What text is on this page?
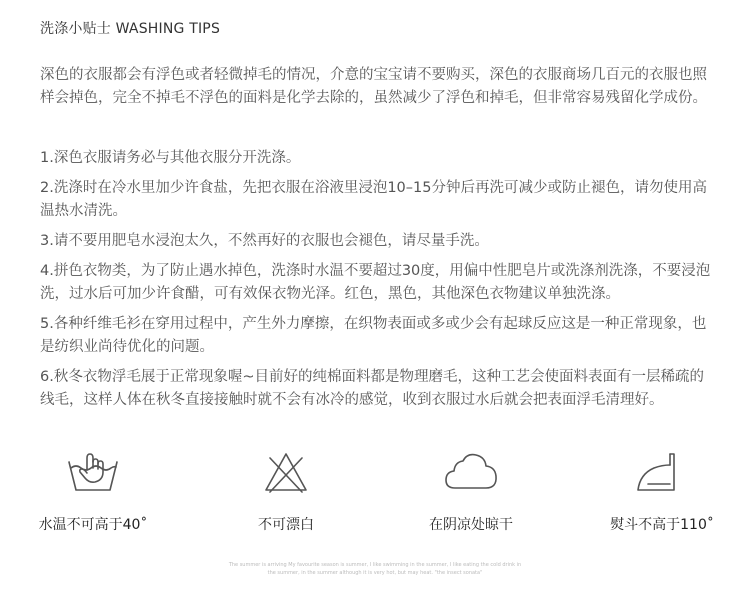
洗涤小贴士 WASHING TIPS
深色的衣服都会有浮色或者轻微掉毛的情况，介意的宝宝请不要购买，深色的衣服商场几百元的衣服也照样会掉色，完全不掉毛不浮色的面料是化学去除的，虽然减少了浮色和掉毛，但非常容易残留化学成份。
1.深色衣服请务必与其他衣服分开洗涤。
2.洗涤时在冷水里加少许食盐，先把衣服在浴液里浸泡10–15分钟后再洗可减少或防止褪色，请勿使用高温热水清洗。
3.请不要用肥皂水浸泡太久，不然再好的衣服也会褪色，请尽量手洗。
4.拼色衣物类，为了防止遇水掉色，洗涤时水温不要超过30度，用偏中性肥皂片或洗涤剂洗涤，不要浸泡洗，过水后可加少许食醋，可有效保衣物光泽。红色，黑色，其他深色衣物建议单独洗涤。
5.各种纤维毛衫在穿用过程中，产生外力摩擦，在织物表面或多或少会有起球反应这是一种正常现象，也是纺织业尚待优化的问题。
6.秋冬衣物浮毛展于正常现象喔~目前好的纯棉面料都是物理磨毛，这种工艺会使面料表面有一层稀疏的线毛，这样人体在秋冬直接接触时就不会有冰冷的感觉，收到衣服过水后就会把表面浮毛清理好。
水温不可高于40˚	不可漂白	在阴凉处晾干	熨斗不高于110˚
The summer is arriving My favourite season is summer, I like swimming in the summer, I like eating the cold drink in
the summer, in the summer although it is very hot, but may heat. "the insect sonata"
